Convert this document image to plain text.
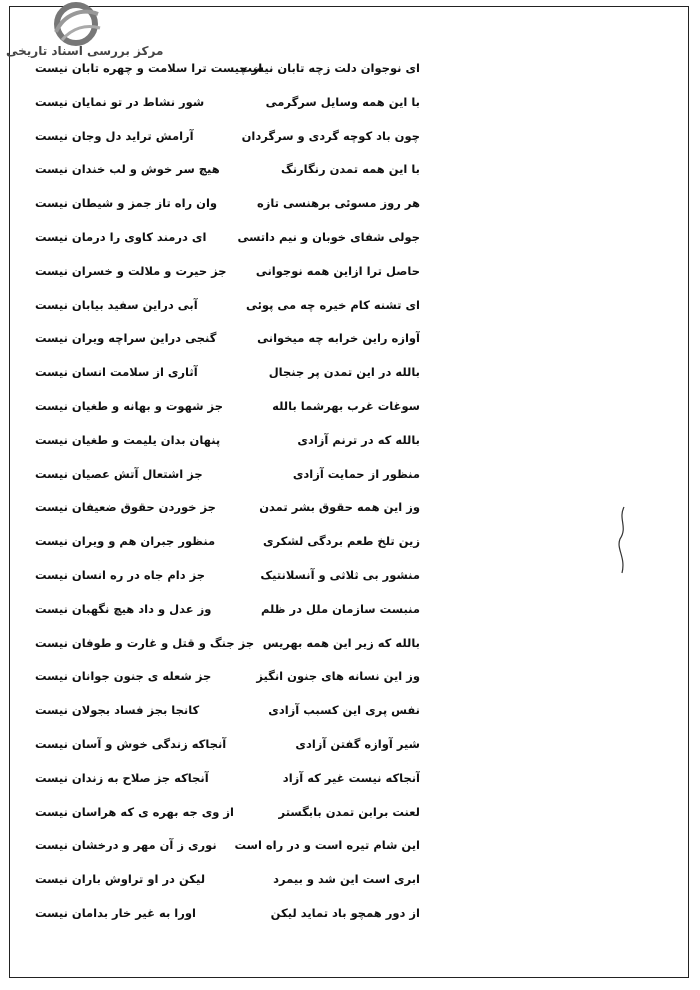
مرکز بررسی اسناد تاریخی
ای نوجوان دلت زچه تابان نیست
با این همه وسایل سرگرمی
چون باد کوچه گردی و سرگردان
با این همه تمدن رنگارنگ
هر روز مسوئی برهنسی تازه
جولی شفای خوبان و نیم داتسی
حاصل ترا ازاین همه نوجوانی
ای تشنه کام خیره چه می پوئی
آوازه راین خرابه چه میخوانی
بالله در این تمدن پر جنجال
سوغات غرب بهرشما بالله
بالله که در ترنم آزادی
منظور از حمایت آزادی
وز این همه حقوق بشر تمدن
زین تلخ طعم بردگی لشکری
منشور بی ثلاثی و آنسلانتیک
منبست سازمان ملل در ظلم
بالله که زیر این همه بهریس
وز این نسانه های جنون انگیز
نفس پری این کسبب آزادی
شیر آوازه گفتن آزادی
آنجاکه نیست غیر که آزاد
لعنت برابن تمدن بابگستر
این شام تیره است و در راه است
ابری است این شد و بیمرد
از دور همچو باد تماید لیکن
از چیست ترا سلامت و چهره تابان نیست
شور نشاط در تو نمایان نیست
آرامش تراید دل وجان نیست
هیچ سر خوش و لب خندان نیست
وان راه تاز جمز و شیطان نیست
ای درمند کاوی را درمان نیست
جز حیرت و ملالت و خسران نیست
آبی دراین سفید بیابان نیست
گنجی دراین سراچه ویران نیست
آثاری از سلامت انسان نیست
جز شهوت و بهانه و طغیان نیست
پنهان بدان یلیمت و طغیان نیست
جز اشتعال آتش عصیان نیست
جز خوردن حقوق ضعیفان نیست
منظور جبران هم و ویران نیست
جز دام جاه در ره انسان نیست
وز عدل و داد هیچ نگهبان نیست
جز جنگ و قتل و غارت و طوفان نیست
جز شعله ی جنون جوانان نیست
کانجا بجز فساد بجولان نیست
آنجاکه زندگی خوش و آسان نیست
آنجاکه جز صلاح به زندان نیست
از وی جه بهره ی که هراسان نیست
نوری ز آن مهر و درخشان نیست
لیکن در او تراوش باران نیست
اورا به غیر خار بدامان نیست
